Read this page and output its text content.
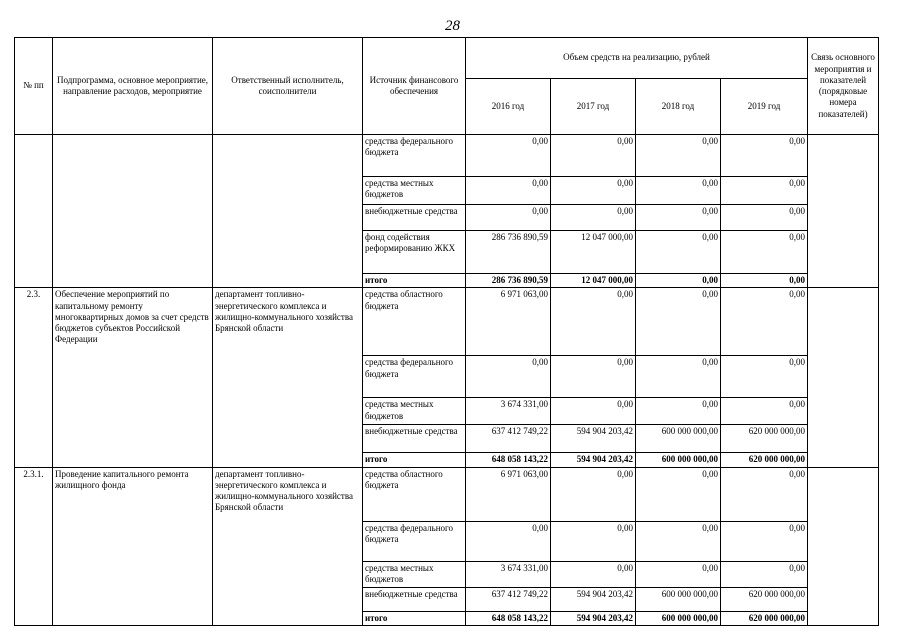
28
№ пп	Подпрограмма, основное мероприятие, направление расходов, мероприятие	Ответственный исполнитель, соисполнители	Источник финансового обеспечения	Объем средств на реализацию, рублей				Связь основного мероприятия и показателей (порядковые номера показателей)
				2016 год	2017 год	2018 год	2019 год	
			средства федерального бюджета	0,00	0,00	0,00	0,00	
			средства местных бюджетов	0,00	0,00	0,00	0,00	
			внебюджетные средства	0,00	0,00	0,00	0,00	
			фонд содействия реформированию ЖКХ	286 736 890,59	12 047 000,00	0,00	0,00	
			итого	286 736 890,59	12 047 000,00	0,00	0,00	
2.3.	Обеспечение мероприятий по капитальному ремонту многоквартирных домов за счет средств бюджетов субъектов Российской Федерации	департамент топливно-энергетического комплекса и жилищно-коммунального хозяйства Брянской области	средства областного бюджета	6 971 063,00	0,00	0,00	0,00	
			средства федерального бюджета	0,00	0,00	0,00	0,00	
			средства местных бюджетов	3 674 331,00	0,00	0,00	0,00	
			внебюджетные средства	637 412 749,22	594 904 203,42	600 000 000,00	620 000 000,00	
			итого	648 058 143,22	594 904 203,42	600 000 000,00	620 000 000,00	
2.3.1.	Проведение капитального ремонта жилищного фонда	департамент топливно-энергетического комплекса и жилищно-коммунального хозяйства Брянской области	средства областного бюджета	6 971 063,00	0,00	0,00	0,00	
			средства федерального бюджета	0,00	0,00	0,00	0,00	
			средства местных бюджетов	3 674 331,00	0,00	0,00	0,00	
			внебюджетные средства	637 412 749,22	594 904 203,42	600 000 000,00	620 000 000,00	
			итого	648 058 143,22	594 904 203,42	600 000 000,00	620 000 000,00	
